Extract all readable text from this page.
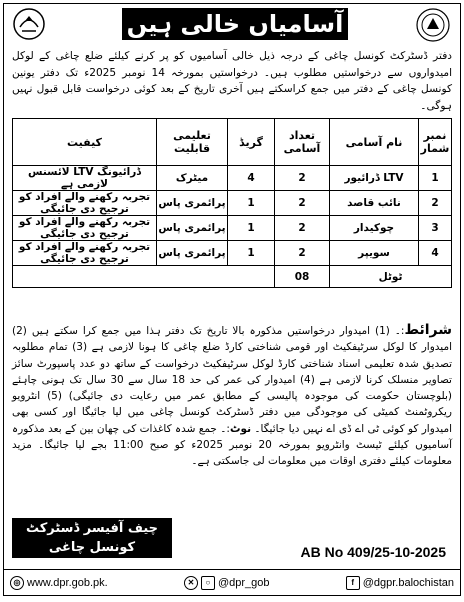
آسامیاں خالی ہیں
دفتر ڈسٹرکٹ کونسل چاغی کے درجہ ذیل خالی آسامیوں کو پر کرنے کیلئے ضلع چاغی کے لوکل امیدواروں سے درخواستیں مطلوب ہیں۔ درخواستیں بمورخہ 14 نومبر 2025ء تک دفتر یونین کونسل چاغی کے دفتر میں جمع کراسکتے ہیں آخری تاریخ کے بعد کوئی درخواست قابل قبول نہیں ہوگی۔
نمبر شمار	نام آسامی	تعداد آسامی	گریڈ	تعلیمی قابلیت	کیفیت
1	LTV ڈرائیور	2	4	میٹرک	ڈرائیونگ LTV لائسنس لازمی ہے
2	نائب قاصد	2	1	پرائمری پاس	تجربہ رکھنے والے افراد کو ترجیح دی جائیگی
3	چوکیدار	2	1	پرائمری پاس	تجربہ رکھنے والے افراد کو ترجیح دی جائیگی
4	سویپر	2	1	پرائمری پاس	تجربہ رکھنے والے افراد کو ترجیح دی جائیگی
ٹوٹل		08			
شرائط:۔ (1) امیدوار درخواستیں مذکورہ بالا تاریخ تک دفتر ہذا میں جمع کرا سکتے ہیں (2) امیدوار کا لوکل سرٹیفکیٹ اور قومی شناختی کارڈ ضلع چاغی کا ہونا لازمی ہے (3) تمام مطلوبہ تصدیق شدہ تعلیمی اسناد شناختی کارڈ لوکل سرٹیفکیٹ درخواست کے ساتھ دو عدد پاسپورٹ سائز تصاویر منسلک کرنا لازمی ہے (4) امیدوار کی عمر کی حد 18 سال سے 30 سال تک ہونی چاہئے (بلوچستان حکومت کی موجودہ پالیسی کے مطابق عمر میں رعایت دی جائیگی) (5) انٹرویو ریکروٹمنٹ کمیٹی کی موجودگی میں دفتر ڈسٹرکٹ کونسل چاغی میں لیا جائیگا اور کسی بھی امیدوار کو کوئی ٹی اے ڈی اے نہیں دیا جائیگا۔ نوٹ:۔ جمع شدہ کاغذات کی چھان بین کے بعد مذکورہ آسامیوں کیلئے ٹیسٹ وانٹرویو بمورخہ 20 نومبر 2025ء کو صبح 11:00 بجے لیا جائیگا۔ مزید معلومات کیلئے دفتری اوقات میں معلومات لی جاسکتی ہے۔
چیف آفیسر ڈسٹرکٹ
کونسل چاغی	AB No 409/25-10-2025
◎ www.dpr.gob.pk.	✕	○ @dpr_gob	f @dgpr.balochistan
